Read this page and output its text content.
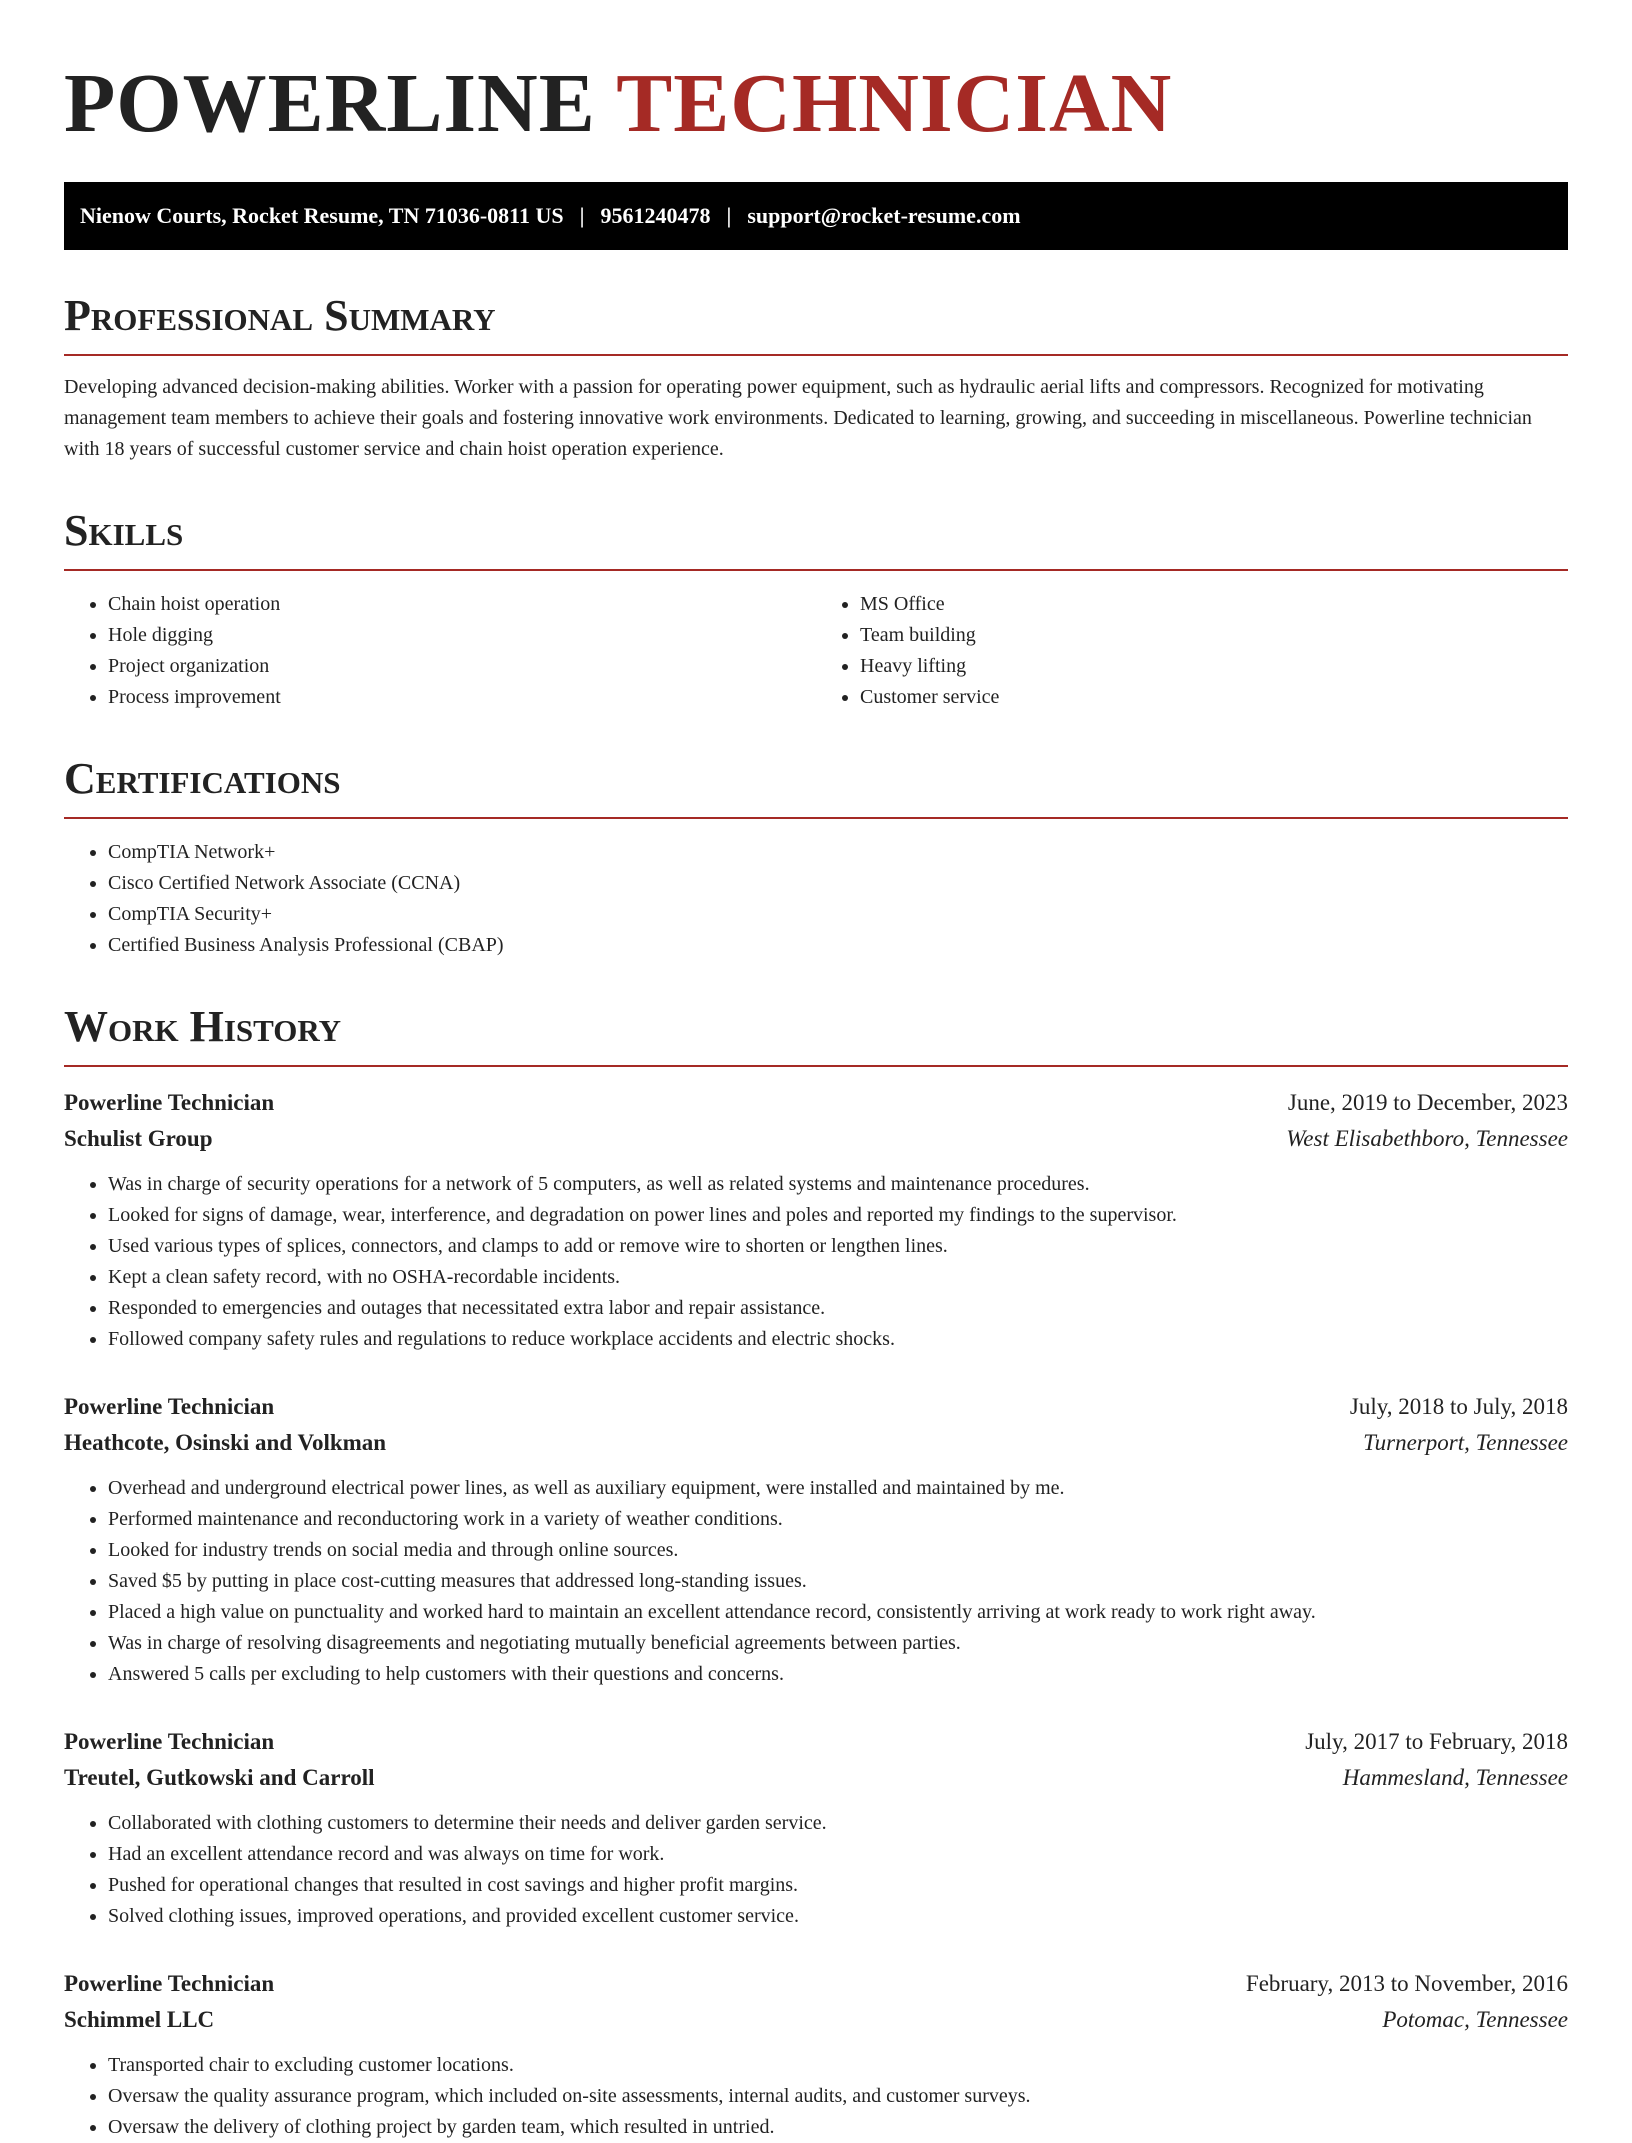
POWERLINE TECHNICIAN
Nienow Courts, Rocket Resume, TN 71036-0811 US | 9561240478 | support@rocket-resume.com
Professional Summary
Developing advanced decision-making abilities. Worker with a passion for operating power equipment, such as hydraulic aerial lifts and compressors. Recognized for motivating management team members to achieve their goals and fostering innovative work environments. Dedicated to learning, growing, and succeeding in miscellaneous. Powerline technician with 18 years of successful customer service and chain hoist operation experience.
Skills
• Chain hoist operation
• Hole digging
• Project organization
• Process improvement
• MS Office
• Team building
• Heavy lifting
• Customer service
Certifications
• CompTIA Network+
• Cisco Certified Network Associate (CCNA)
• CompTIA Security+
• Certified Business Analysis Professional (CBAP)
Work History
Powerline Technician	June, 2019 to December, 2023
Schulist Group	West Elisabethboro, Tennessee
• Was in charge of security operations for a network of 5 computers, as well as related systems and maintenance procedures.
• Looked for signs of damage, wear, interference, and degradation on power lines and poles and reported my findings to the supervisor.
• Used various types of splices, connectors, and clamps to add or remove wire to shorten or lengthen lines.
• Kept a clean safety record, with no OSHA-recordable incidents.
• Responded to emergencies and outages that necessitated extra labor and repair assistance.
• Followed company safety rules and regulations to reduce workplace accidents and electric shocks.
Powerline Technician	July, 2018 to July, 2018
Heathcote, Osinski and Volkman	Turnerport, Tennessee
• Overhead and underground electrical power lines, as well as auxiliary equipment, were installed and maintained by me.
• Performed maintenance and reconductoring work in a variety of weather conditions.
• Looked for industry trends on social media and through online sources.
• Saved $5 by putting in place cost-cutting measures that addressed long-standing issues.
• Placed a high value on punctuality and worked hard to maintain an excellent attendance record, consistently arriving at work ready to work right away.
• Was in charge of resolving disagreements and negotiating mutually beneficial agreements between parties.
• Answered 5 calls per excluding to help customers with their questions and concerns.
Powerline Technician	July, 2017 to February, 2018
Treutel, Gutkowski and Carroll	Hammesland, Tennessee
• Collaborated with clothing customers to determine their needs and deliver garden service.
• Had an excellent attendance record and was always on time for work.
• Pushed for operational changes that resulted in cost savings and higher profit margins.
• Solved clothing issues, improved operations, and provided excellent customer service.
Powerline Technician	February, 2013 to November, 2016
Schimmel LLC	Potomac, Tennessee
• Transported chair to excluding customer locations.
• Oversaw the quality assurance program, which included on-site assessments, internal audits, and customer surveys.
• Oversaw the delivery of clothing project by garden team, which resulted in untried.
